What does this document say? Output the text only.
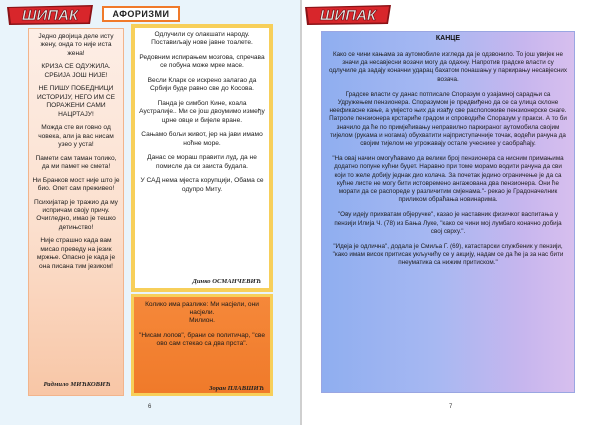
ШИПАК	АФОРИЗМИ

Једно двојица деле исту жену, онда то није иста жена!

КРИЗА СЕ ОДУЖИЛА. СРБИЈА ЈОШ НИЈЕ!

НЕ ПИШУ ПОБЕДНИЦИ ИСТОРИЈУ, НЕГО ИМ СЕ ПОРАЖЕНИ САМИ НАЦРТАЈУ!

Можда сте ви говно од човека, али ја вас нисам узео у уста!

Памети сам таман толико, да ми памет не смета!

Ни Бранков мост није што је био. Опет сам преживео!

Психијатар је тражио да му испричам своју причу. Очигледно, имао је тешко детињство!

Није страшно када вам мисао преведу на језик мржње. Опасно је када је она писана тим језиком!

Радмило МИЋКОВИЋ

Одлучили су олакшати народу. Поставиљају нове јавне тоалете.

Редовним испирањем мозгова, спречава се побуна може мрке масе.

Весли Кларк се искрено залагао да Србији буде равно све до Косова.

Панда је симбол Кине, коала Аустралије.. Ми се још двоумимо између црне овце и бијеле вране.

Сањамо бољи живот, јер на јави имамо ноћне море.

Данас се мораш правити луд, да не помисле да си заиста будала.

У САД нема мјеста корупцији, Обама се одупро Миту.

Динко ОСМАНЧЕВИЋ

Колико има разлике: Ми насјели, они насјели.

Милион.

"Нисам лопов", брани се политичар, "све ово сам стекао са два прста".

Зоран ПЛАВШИЋ
6
ШИПАК
КАНЦЕ

Како се чини кањама за аутомобиле изгледа да је одзвонило. То још увијек не значи да несавјесни возачи могу да одахну. Напротив градске власти су одлучиле да задају коначни ударац бахатом понашању у паркирању несавјесних возача.

Градске власти су данас потписале Споразум о узајамној сарадњи са Удружењем пензионера. Споразумом је предвиђено да се са улица склоне неефикасне кање, а умјесто њих да изађу све расположиве пензионерске снаге. Патроле пензионера крстариће градом и спроводиће Споразум у пракси. А то би значило да ће по примјећивању неправилно паркираног аутомобила својим тијелом (рукама и ногама) обухватити најприступачније точак, водећи рачуна да својим тијелом не угрожавају остале учеснике у саобраћају.

"На овај начин омогућавамо да велики број пензионера са нисним примањима додатно попуне кућни буџет. Наравно при томе морамо водити рачуна да сви који то желе добију једнак дио колача. За почетак једино ограничење је да са кућне листе не могу бити истовремено ангажована два пензионера. Они ће морати да се распореде у различитим смјенама."- рекао је Градоначелник приликом обраћања новинарима.

"Ову идеју прихватам објеручке", казао је наставник физичког васпитања у пензији Илија Ч. (78) из Бања Луке, "како се чини мој лумбаго коначно добија свој сврху.".

"Идеја је одлична", додала је Смиља Г. (69), катастарски службеник у пензији, "како имам висок притисак укључићу се у акцију, надам се да ће ја за нас бити пнеуматика са нижим притиском."

7
